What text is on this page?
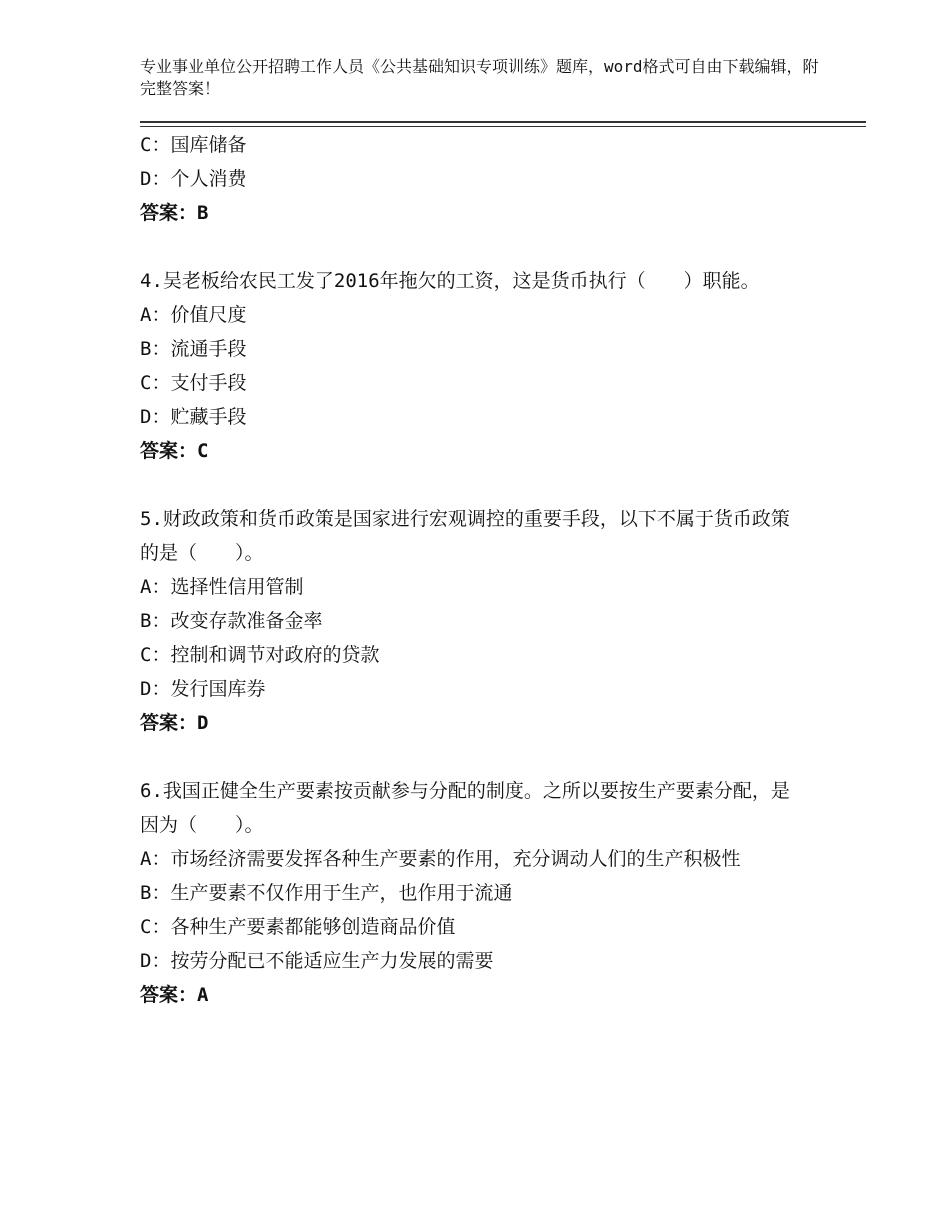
专业事业单位公开招聘工作人员《公共基础知识专项训练》题库，word格式可自由下载编辑，附完整答案！
C：国库储备
D：个人消费
答案：B
4.吴老板给农民工发了2016年拖欠的工资，这是货币执行（　　）职能。
A：价值尺度
B：流通手段
C：支付手段
D：贮藏手段
答案：C
5.财政政策和货币政策是国家进行宏观调控的重要手段，以下不属于货币政策的是（　　）。
A：选择性信用管制
B：改变存款准备金率
C：控制和调节对政府的贷款
D：发行国库券
答案：D
6.我国正健全生产要素按贡献参与分配的制度。之所以要按生产要素分配，是因为（　　）。
A：市场经济需要发挥各种生产要素的作用，充分调动人们的生产积极性
B：生产要素不仅作用于生产，也作用于流通
C：各种生产要素都能够创造商品价值
D：按劳分配已不能适应生产力发展的需要
答案：A
